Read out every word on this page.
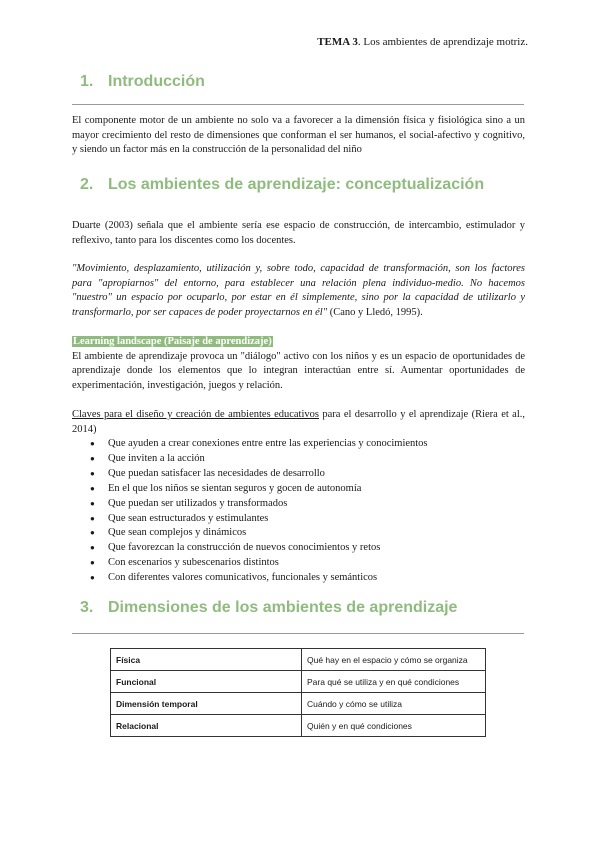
TEMA 3. Los ambientes de aprendizaje motriz.
1. Introducción

El componente motor de un ambiente no solo va a favorecer a la dimensión física y fisiológica sino a un mayor crecimiento del resto de dimensiones que conforman el ser humanos, el social-afectivo y cognitivo, y siendo un factor más en la construcción de la personalidad del niño

2. Los ambientes de aprendizaje: conceptualización

Duarte (2003) señala que el ambiente sería ese espacio de construcción, de intercambio, estimulador y reflexivo, tanto para los discentes como los docentes.

"Movimiento, desplazamiento, utilización y, sobre todo, capacidad de transformación, son los factores para "apropiarnos" del entorno, para establecer una relación plena individuo-medio. No hacemos "nuestro" un espacio por ocuparlo, por estar en él simplemente, sino por la capacidad de utilizarlo y transformarlo, por ser capaces de poder proyectarnos en él" (Cano y Lledó, 1995).

Learning landscape (Paisaje de aprendizaje)
El ambiente de aprendizaje provoca un "diálogo" activo con los niños y es un espacio de oportunidades de aprendizaje donde los elementos que lo integran interactúan entre sí. Aumentar oportunidades de experimentación, investigación, juegos y relación.

Claves para el diseño y creación de ambientes educativos para el desarrollo y el aprendizaje (Riera et al., 2014)

● Que ayuden a crear conexiones entre entre las experiencias y conocimientos
● Que inviten a la acción
● Que puedan satisfacer las necesidades de desarrollo
● En el que los niños se sientan seguros y gocen de autonomía
● Que puedan ser utilizados y transformados
● Que sean estructurados y estimulantes
● Que sean complejos y dinámicos
● Que favorezcan la construcción de nuevos conocimientos y retos
● Con escenarios y subescenarios distintos
● Con diferentes valores comunicativos, funcionales y semánticos
3. Dimensiones de los ambientes de aprendizaje
Física	Qué hay en el espacio y cómo se organiza
Funcional	Para qué se utiliza y en qué condiciones
Dimensión temporal	Cuándo y cómo se utiliza
Relacional	Quién y en qué condiciones
